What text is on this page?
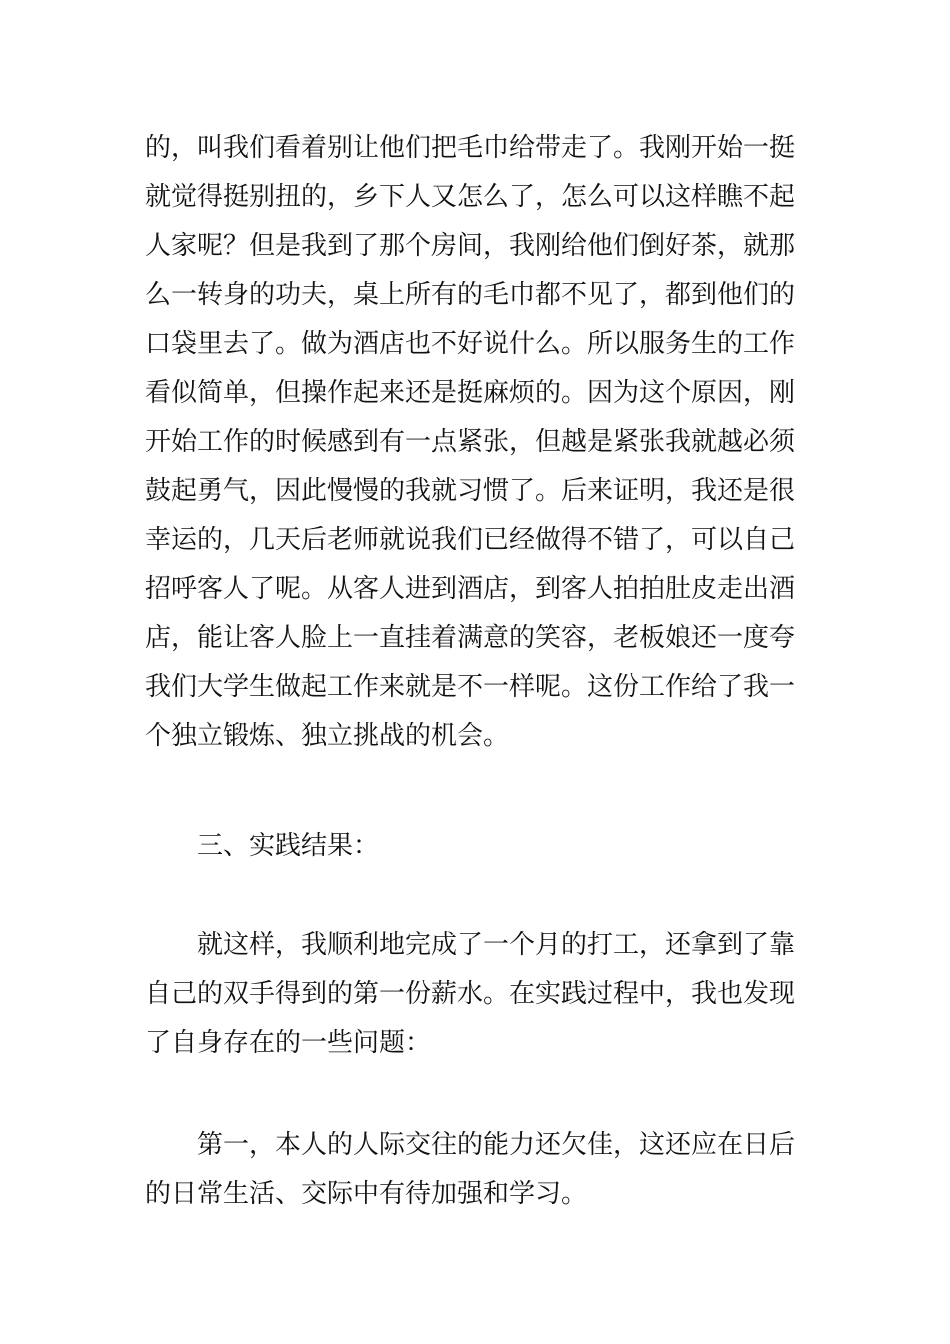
的，叫我们看着别让他们把毛巾给带走了。我刚开始一挺
就觉得挺别扭的，乡下人又怎么了，怎么可以这样瞧不起
人家呢？但是我到了那个房间，我刚给他们倒好茶，就那
么一转身的功夫，桌上所有的毛巾都不见了，都到他们的
口袋里去了。做为酒店也不好说什么。所以服务生的工作
看似简单，但操作起来还是挺麻烦的。因为这个原因，刚
开始工作的时候感到有一点紧张，但越是紧张我就越必须
鼓起勇气，因此慢慢的我就习惯了。后来证明，我还是很
幸运的，几天后老师就说我们已经做得不错了，可以自己
招呼客人了呢。从客人进到酒店，到客人拍拍肚皮走出酒
店，能让客人脸上一直挂着满意的笑容，老板娘还一度夸
我们大学生做起工作来就是不一样呢。这份工作给了我一
个独立锻炼、独立挑战的机会。
三、实践结果：
就这样，我顺利地完成了一个月的打工，还拿到了靠
自己的双手得到的第一份薪水。在实践过程中，我也发现
了自身存在的一些问题：
第一，本人的人际交往的能力还欠佳，这还应在日后
的日常生活、交际中有待加强和学习。
